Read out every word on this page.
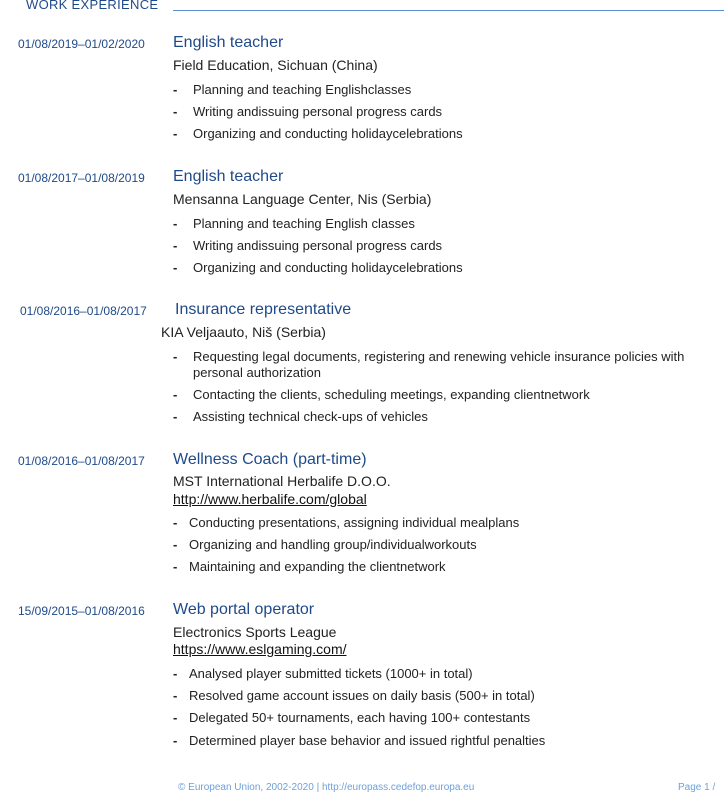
WORK EXPERIENCE
01/08/2019–01/02/2020 English teacher
Field Education, Sichuan (China)
-	Planning and teaching Englishclasses
-	Writing andissuing personal progress cards
-	Organizing and conducting holidaycelebrations
01/08/2017–01/08/2019 English teacher
Mensanna Language Center, Nis (Serbia)
-	Planning and teaching English classes
-	Writing andissuing personal progress cards
-	Organizing and conducting holidaycelebrations
01/08/2016–01/08/2017 Insurance representative
KIA Veljaauto, Niš (Serbia)
-	Requesting legal documents, registering and renewing vehicle insurance policies with personal authorization
-	Contacting the clients, scheduling meetings, expanding clientnetwork
-	Assisting technical check-ups of vehicles
01/08/2016–01/08/2017 Wellness Coach (part-time)
MST International Herbalife D.O.O.
http://www.herbalife.com/global
- Conducting presentations, assigning individual mealplans
- Organizing and handling group/individualworkouts
- Maintaining and expanding the clientnetwork
15/09/2015–01/08/2016 Web portal operator
Electronics Sports League
https://www.eslgaming.com/
- Analysed player submitted tickets (1000+ in total)
- Resolved game account issues on daily basis (500+ in total)
- Delegated 50+ tournaments, each having 100+ contestants
- Determined player base behavior and issued rightful penalties
© European Union, 2002-2020 | http://europass.cedefop.europa.eu	Page 1 /
